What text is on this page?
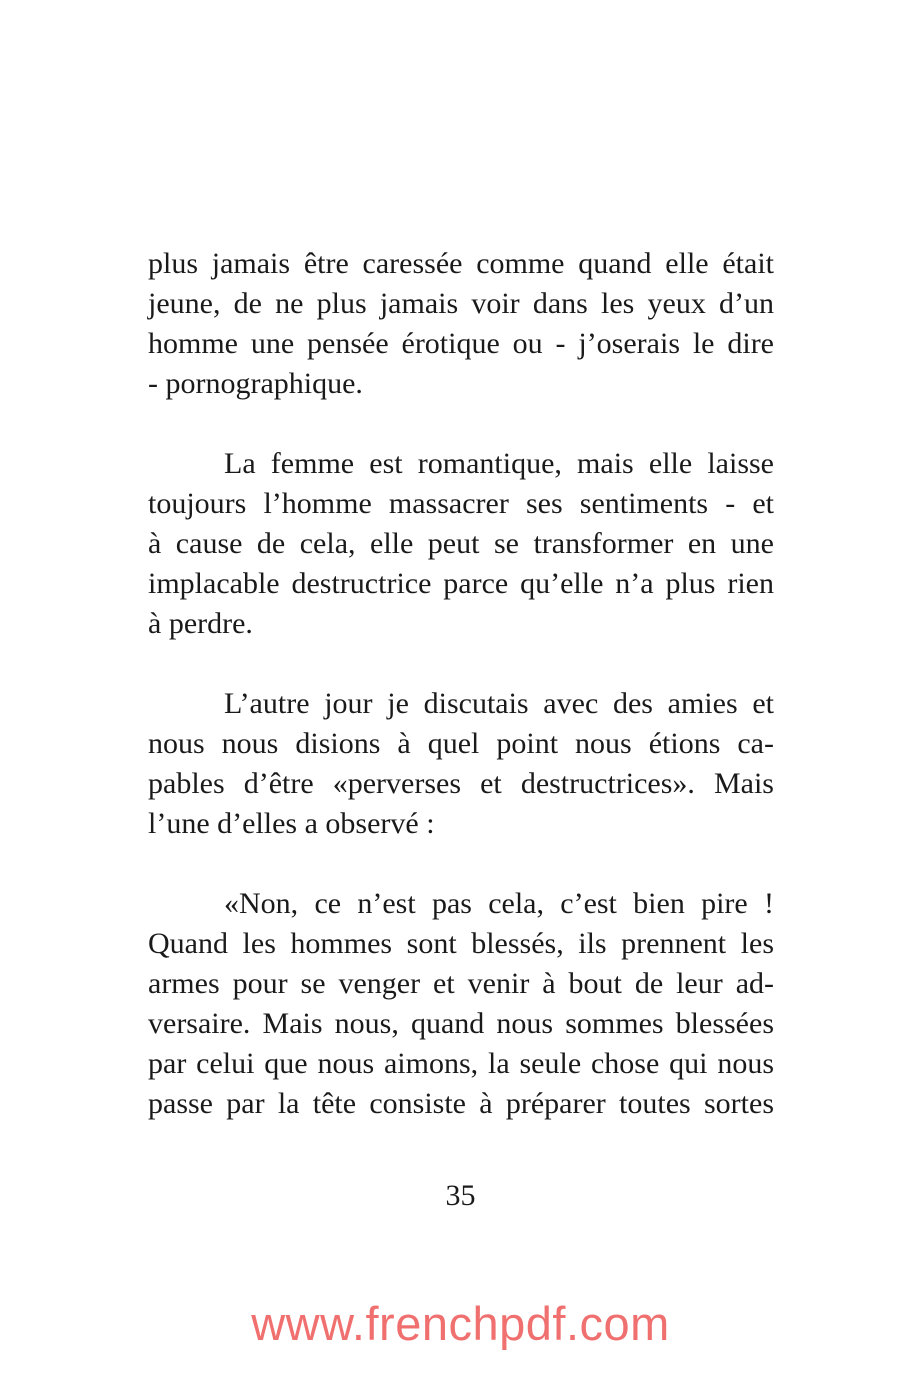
plus jamais être caressée comme quand elle était
jeune, de ne plus jamais voir dans les yeux d’un
homme une pensée érotique ou - j’oserais le dire
- pornographique.
La femme est romantique, mais elle laisse
toujours l’homme massacrer ses sentiments - et
à cause de cela, elle peut se transformer en une
implacable destructrice parce qu’elle n’a plus rien
à perdre.
L’autre jour je discutais avec des amies et
nous nous disions à quel point nous étions ca-
pables d’être «perverses et destructrices». Mais
l’une d’elles a observé :
«Non, ce n’est pas cela, c’est bien pire !
Quand les hommes sont blessés, ils prennent les
armes pour se venger et venir à bout de leur ad-
versaire. Mais nous, quand nous sommes blessées
par celui que nous aimons, la seule chose qui nous
passe par la tête consiste à préparer toutes sortes
35
www.frenchpdf.com
